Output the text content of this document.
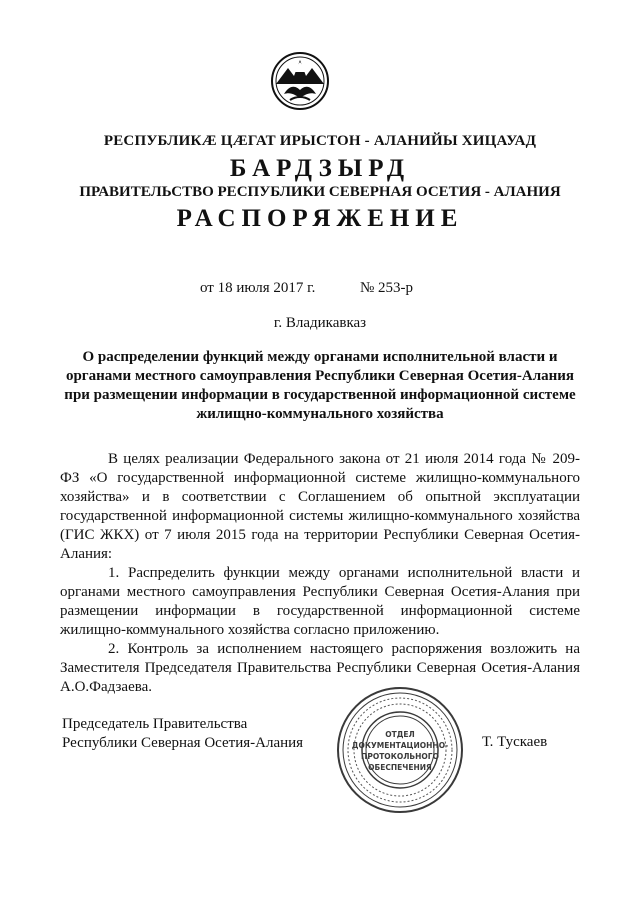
РЕСПУБЛИКӔ ЦӔГАТ ИРЫСТОН - АЛАНИЙЫ ХИЦАУАД
БАРДЗЫРД
ПРАВИТЕЛЬСТВО РЕСПУБЛИКИ СЕВЕРНАЯ ОСЕТИЯ - АЛАНИЯ
РАСПОРЯЖЕНИЕ
от 18 июля 2017 г.	№ 253-р
г. Владикавказ
О распределении функций между органами исполнительной власти и органами местного самоуправления Республики Северная Осетия-Алания при размещении информации в государственной информационной системе жилищно-коммунального хозяйства

В целях реализации Федерального закона от 21 июля 2014 года № 209-ФЗ «О государственной информационной системе жилищно-коммунального хозяйства» и в соответствии с Соглашением об опытной эксплуатации государственной информационной системы жилищно-коммунального хозяйства (ГИС ЖКХ) от 7 июля 2015 года на территории Республики Северная Осетия-Алания:

1. Распределить функции между органами исполнительной власти и органами местного самоуправления Республики Северная Осетия-Алания при размещении информации в государственной информационной системе жилищно-коммунального хозяйства согласно приложению.

2. Контроль за исполнением настоящего распоряжения возложить на Заместителя Председателя Правительства Республики Северная Осетия-Алания А.О.Фадзаева.

Председатель Правительства
Республики Северная Осетия-Алания
ОТДЕЛ
ДОКУМЕНТАЦИОННО-
ПРОТОКОЛЬНОГО
ОБЕСПЕЧЕНИЯ
Т. Тускаев
